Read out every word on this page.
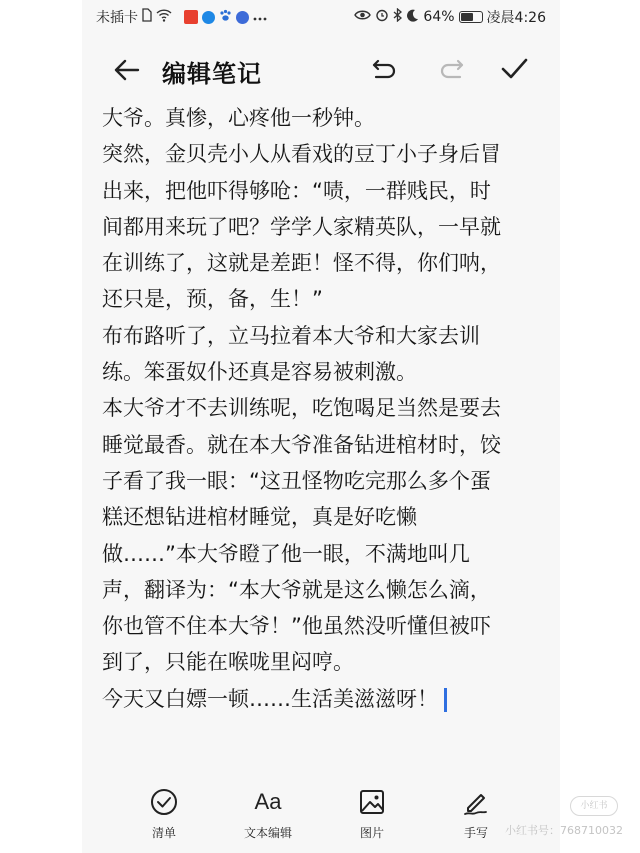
未插卡	64% 凌晨4:26
编辑笔记
大爷。真惨，心疼他一秒钟。
突然，金贝壳小人从看戏的豆丁小子身后冒
出来，把他吓得够呛：“啧，一群贱民，时
间都用来玩了吧？学学人家精英队，一早就
在训练了，这就是差距！怪不得，你们呐，
还只是，预，备，生！”
布布路听了，立马拉着本大爷和大家去训
练。笨蛋奴仆还真是容易被刺激。
本大爷才不去训练呢，吃饱喝足当然是要去
睡觉最香。就在本大爷准备钻进棺材时，饺
子看了我一眼：“这丑怪物吃完那么多个蛋
糕还想钻进棺材睡觉，真是好吃懒
做……”本大爷瞪了他一眼，不满地叫几
声，翻译为：“本大爷就是这么懒怎么滴，
你也管不住本大爷！”他虽然没听懂但被吓
到了，只能在喉咙里闷哼。
今天又白嫖一顿……生活美滋滋呀！
清单
Aa
文本编辑	图片	手写
小红书
小红书号：768710032
